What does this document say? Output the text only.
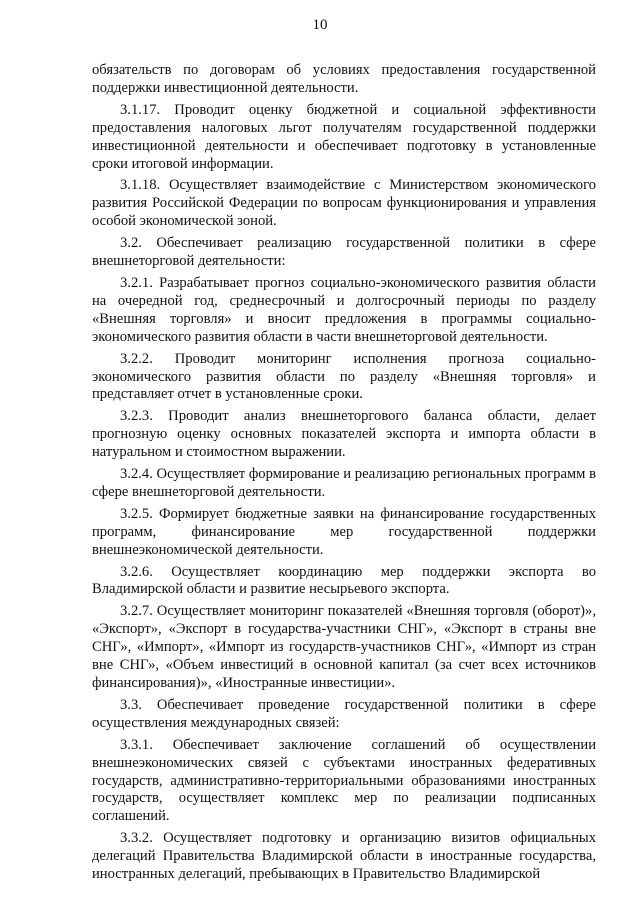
10

обязательств по договорам об условиях предоставления государственной поддержки инвестиционной деятельности.

3.1.17. Проводит оценку бюджетной и социальной эффективности предоставления налоговых льгот получателям государственной поддержки инвестиционной деятельности и обеспечивает подготовку в установленные сроки итоговой информации.

3.1.18. Осуществляет взаимодействие с Министерством экономического развития Российской Федерации по вопросам функционирования и управления особой экономической зоной.

3.2. Обеспечивает реализацию государственной политики в сфере внешнеторговой деятельности:

3.2.1. Разрабатывает прогноз социально-экономического развития области на очередной год, среднесрочный и долгосрочный периоды по разделу «Внешняя торговля» и вносит предложения в программы социально-экономического развития области в части внешнеторговой деятельности.

3.2.2. Проводит мониторинг исполнения прогноза социально-экономического развития области по разделу «Внешняя торговля» и представляет отчет в установленные сроки.

3.2.3. Проводит анализ внешнеторгового баланса области, делает прогнозную оценку основных показателей экспорта и импорта области в натуральном и стоимостном выражении.

3.2.4. Осуществляет формирование и реализацию региональных программ в сфере внешнеторговой деятельности.

3.2.5. Формирует бюджетные заявки на финансирование государственных программ, финансирование мер государственной поддержки внешнеэкономической деятельности.

3.2.6. Осуществляет координацию мер поддержки экспорта во Владимирской области и развитие несырьевого экспорта.

3.2.7. Осуществляет мониторинг показателей «Внешняя торговля (оборот)», «Экспорт», «Экспорт в государства-участники СНГ», «Экспорт в страны вне СНГ», «Импорт», «Импорт из государств-участников СНГ», «Импорт из стран вне СНГ», «Объем инвестиций в основной капитал (за счет всех источников финансирования)», «Иностранные инвестиции».

3.3. Обеспечивает проведение государственной политики в сфере осуществления международных связей:

3.3.1. Обеспечивает заключение соглашений об осуществлении внешнеэкономических связей с субъектами иностранных федеративных государств, административно-территориальными образованиями иностранных государств, осуществляет комплекс мер по реализации подписанных соглашений.

3.3.2. Осуществляет подготовку и организацию визитов официальных делегаций Правительства Владимирской области в иностранные государства, иностранных делегаций, пребывающих в Правительство Владимирской
